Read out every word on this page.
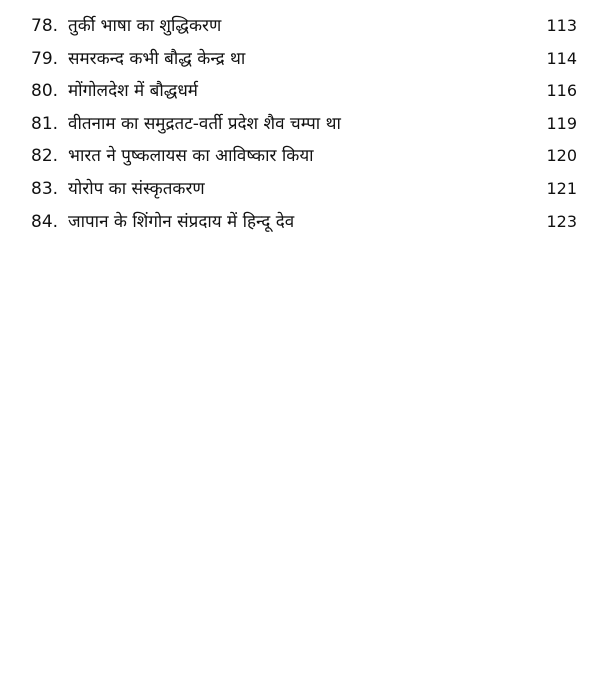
78. तुर्की भाषा का शुद्धिकरण	113
79. समरकन्द कभी बौद्ध केन्द्र था	114
80. मोंगोलदेश में बौद्धधर्म	116
81. वीतनाम का समुद्रतट-वर्ती प्रदेश शैव चम्पा था	119
82. भारत ने पुष्कलायस का आविष्कार किया	120
83. योरोप का संस्कृतकरण	121
84. जापान के शिंगोन संप्रदाय में हिन्दू देव	123
